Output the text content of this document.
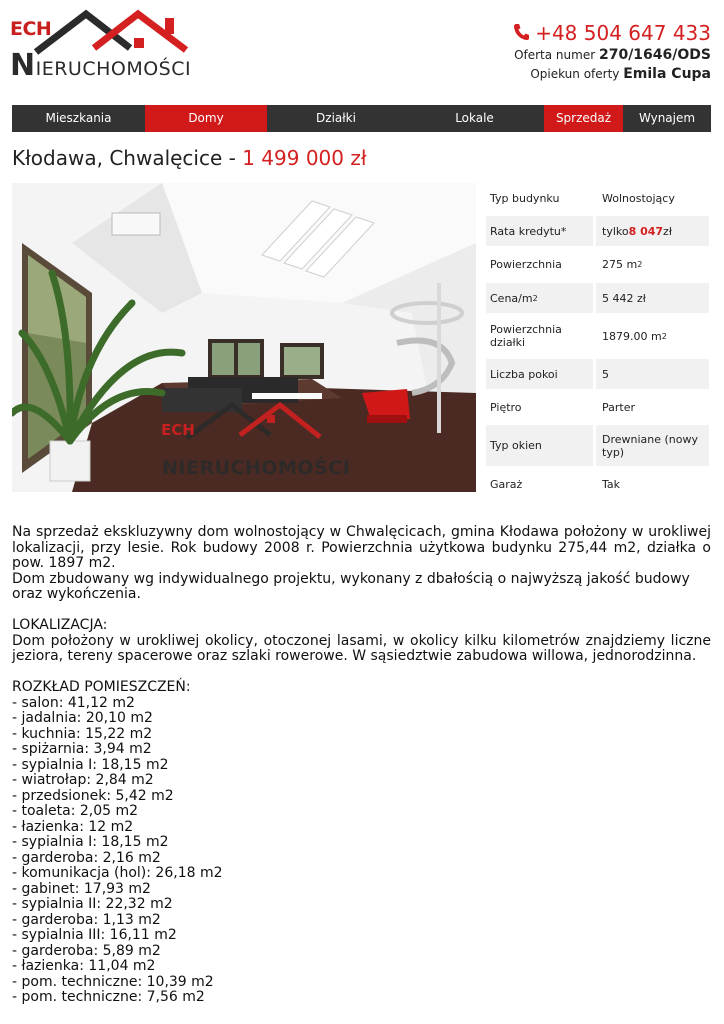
ECH
NIERUCHOMOŚCI
+48 504 647 433
Oferta numer 270/1646/ODS
Opiekun oferty Emila Cupa
Mieszkania	Domy	Działki	Lokale	Sprzedaż	Wynajem
Kłodawa, Chwalęcice - 1 499 000 zł
ECH
NIERUCHOMOŚCI
Typ budynku	Wolnostojący
Rata kredytu*	tylko 8 047 zł
Powierzchnia	275 m 2
Cena/m 2	5 442 zł
Powierzchnia działki	1879.00 m 2
Liczba pokoi	5
Piętro	Parter
Typ okien	Drewniane (nowy typ)
Garaż	Tak

Na sprzedaż ekskluzywny dom wolnostojący w Chwalęcicach, gmina Kłodawa położony w urokliwej lokalizacji, przy lesie. Rok budowy 2008 r. Powierzchnia użytkowa budynku 275,44 m2, działka o pow. 1897 m2.

Dom zbudowany wg indywidualnego projektu, wykonany z dbałością o najwyższą jakość budowy oraz wykończenia.

LOKALIZACJA:

Dom położony w urokliwej okolicy, otoczonej lasami, w okolicy kilku kilometrów znajdziemy liczne jeziora, tereny spacerowe oraz szlaki rowerowe. W sąsiedztwie zabudowa willowa, jednorodzinna.

ROZKŁAD POMIESZCZEŃ:
- salon: 41,12 m2
- jadalnia: 20,10 m2
- kuchnia: 15,22 m2
- spiżarnia: 3,94 m2
- sypialnia I: 18,15 m2
- wiatrołap: 2,84 m2
- przedsionek: 5,42 m2
- toaleta: 2,05 m2
- łazienka: 12 m2
- sypialnia I: 18,15 m2
- garderoba: 2,16 m2
- komunikacja (hol): 26,18 m2
- gabinet: 17,93 m2
- sypialnia II: 22,32 m2
- garderoba: 1,13 m2
- sypialnia III: 16,11 m2
- garderoba: 5,89 m2
- łazienka: 11,04 m2
- pom. techniczne: 10,39 m2
- pom. techniczne: 7,56 m2
